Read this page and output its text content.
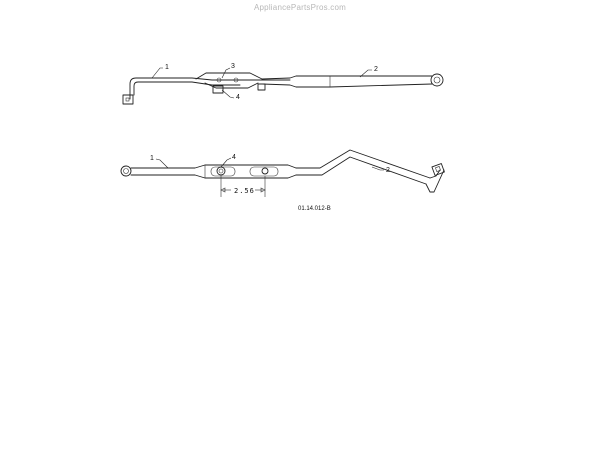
AppliancePartsPros.com
1	3
4
2
2.56
1	4
2
01.14.012-B
